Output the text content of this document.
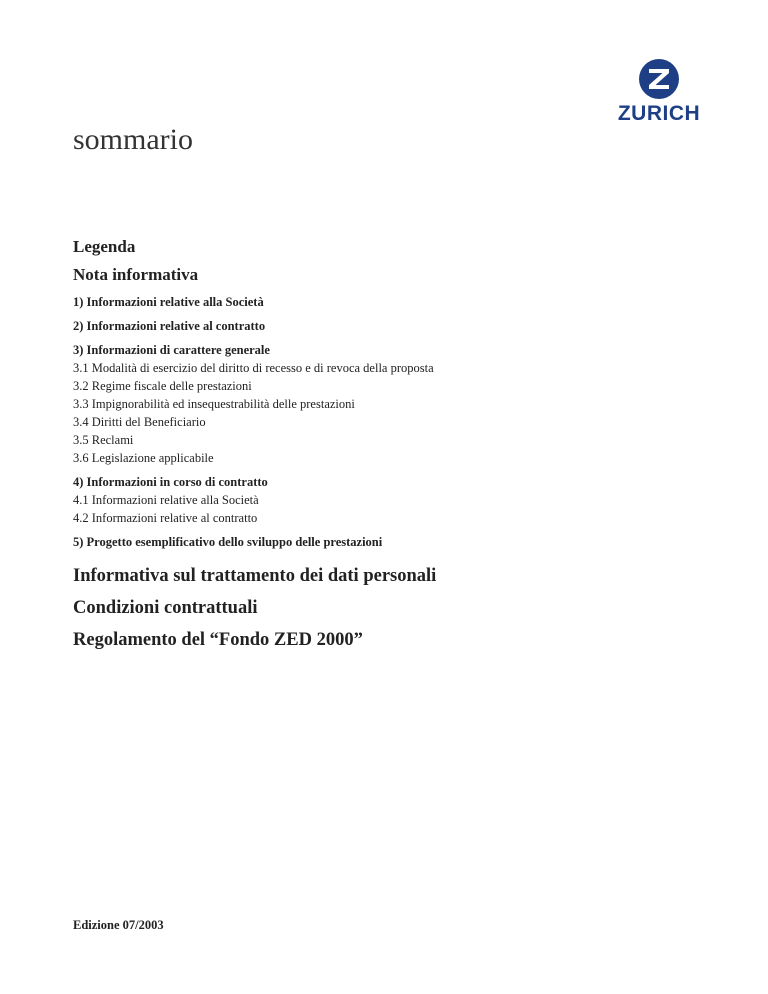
ZURICH
sommario
Legenda
Nota informativa
1) Informazioni relative alla Società
2) Informazioni relative al contratto
3) Informazioni di carattere generale
3.1 Modalità di esercizio del diritto di recesso e di revoca della proposta
3.2 Regime fiscale delle prestazioni
3.3 Impignorabilità ed insequestrabilità delle prestazioni
3.4 Diritti del Beneficiario
3.5 Reclami
3.6 Legislazione applicabile
4) Informazioni in corso di contratto
4.1 Informazioni relative alla Società
4.2 Informazioni relative al contratto
5) Progetto esemplificativo dello sviluppo delle prestazioni
Informativa sul trattamento dei dati personali
Condizioni contrattuali
Regolamento del “Fondo ZED 2000”
Edizione 07/2003
